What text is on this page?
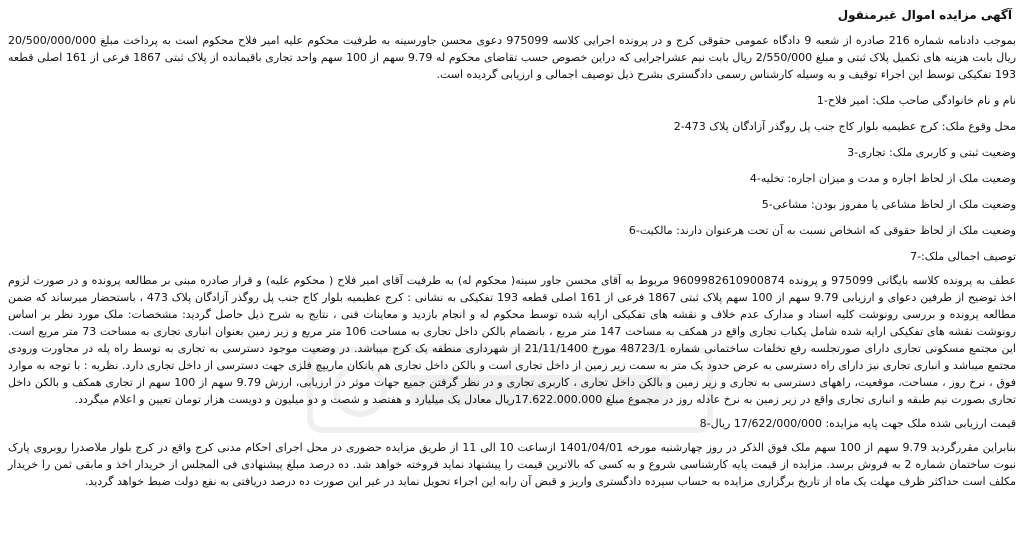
آگهی مزایده اموال غیرمنقول

بموجب دادنامه شماره 216 صادره از شعبه 9 دادگاه عمومی حقوقی کرج و در پرونده اجرایی کلاسه 975099 دعوی محسن جاورسینه به طرفیت محکوم علیه امیر فلاح محکوم است به پرداخت مبلغ 20/500/000/000 ریال بابت هزینه های تکمیل پلاک ثبتی و مبلغ 2/550/000 ریال بابت نیم عشراجرایی که دراین خصوص حسب تقاضای محکوم له 9.79 سهم از 100 سهم واحد تجاری باقیمانده از پلاک ثبتی 1867 فرعی از 161 اصلی قطعه 193 تفکیکی توسط این اجراء توقیف و به وسیله کارشناس رسمی دادگستری بشرح ذیل توصیف اجمالی و ارزیابی گردیده است.

نام و نام خانوادگی صاحب ملک: امیر فلاح-1

محل وقوع ملک: کرج عظیمیه بلوار کاج جنب پل روگذر آزادگان پلاک 473-2

وضعیت ثبتی و کاربری ملک: تجاری-3

وضعیت ملک از لحاظ اجاره و مدت و میزان اجاره: تخلیه-4

وضعیت ملک از لحاظ مشاعی یا مفروز بودن: مشاعی-5

وضعیت ملک از لحاظ حقوقی که اشخاص نسبت به آن تحت هرعنوان دارند: مالکیت-6

توصیف اجمالی ملک:-7

عطف به پرونده کلاسه بایگانی 975099 و پرونده 9609982610900874 مربوط به آقای محسن جاور سینه( محکوم له) به طرفیت آقای امیر فلاح ( محکوم علیه) و قرار صادره مبنی بر مطالعه پرونده و در صورت لزوم اخذ توضیح از طرفین دعوای و ارزیابی 9.79 سهم از 100 سهم پلاک ثبتی 1867 فرعی از 161 اصلی قطعه 193 تفکیکی به نشانی : کرج عظیمیه بلوار کاج جنب پل روگذر آزادگان پلاک 473 ، باستحضار میرساند که ضمن مطالعه پرونده و بررسی رونوشت کلیه اسناد و مدارک عدم خلاف و نقشه های تفکیکی ارایه شده توسط محکوم له و انجام بازدید و معاینات فنی ، نتایج به شرح ذیل حاصل گردید: مشخصات: ملک مورد نظر بر اساس رونوشت نقشه های تفکیکی ارایه شده شامل یکباب تجاری واقع در همکف به مساحت 147 متر مربع ، بانضمام بالکن داخل تجاری به مساحت 106 متر مربع و زیر زمین بعنوان انباری تجاری به مساحت 73 متر مربع است. این مجتمع مسکونی تجاری دارای صورتجلسه رفع تخلفات ساختمانی شماره 48723/1 مورخ 21/11/1400 از شهرداری منطقه یک کرج میباشد. در وضعیت موجود دسترسی به تجاری به توسط راه پله در مجاورت ورودی مجتمع میباشد و انباری تجاری نیز دارای راه دسترسی به عرض حدود یک متر به سمت زیر زمین از داخل تجاری است و بالکن داخل تجاری هم بانکان ماریپچ فلزی جهت دسترسی از داخل تجاری دارد. نظریه : با توجه به موارد فوق ، نرخ روز ، مساحت، موقعیت، راههای دسترسی به تجاری و زیر زمین و بالکن داخل تجاری ، کاربری تجاری و در نظر گرفتن جمیع جهات موثر در ارزیابی، ارزش 9.79 سهم از 100 سهم از تجاری همکف و بالکن داخل تجاری بصورت نیم طبقه و انباری تجاری واقع در زیر زمین به نرخ عادله روز در مجموع مبلغ 17.622.000.000ریال معادل یک میلیارد و هفتصد و شصت و دو میلیون و دویست هزار تومان تعیین و اعلام میگردد.

قیمت ارزیابی شده ملک جهت پایه مزایده: 17/622/000/000 ریال-8

بنابراین مقررگردید 9.79 سهم از 100 سهم ملک فوق الذکر در روز چهارشنبه مورخه 1401/04/01 ازساعت 10 الی 11 از طریق مزایده حضوری در محل اجرای احکام مدنی کرج واقع در کرج بلوار ملاصدرا روبروی پارک نبوت ساختمان شماره 2 به فروش برسد. مزایده از قیمت پایه کارشناسی شروع و به کسی که بالاترین قیمت را پیشنهاد نماید فروخته خواهد شد. ده درصد مبلغ پیشنهادی فی المجلس از خریدار اخذ و مابقی ثمن را خریدار مکلف است حداکثر ظرف مهلت یک ماه از تاریخ برگزاری مزایده به حساب سپرده دادگستری واریز و قبض آن رابه این اجراء تحویل نماید در غیر این صورت ده درصد دریافتی به نفع دولت ضبط خواهد گردید.
